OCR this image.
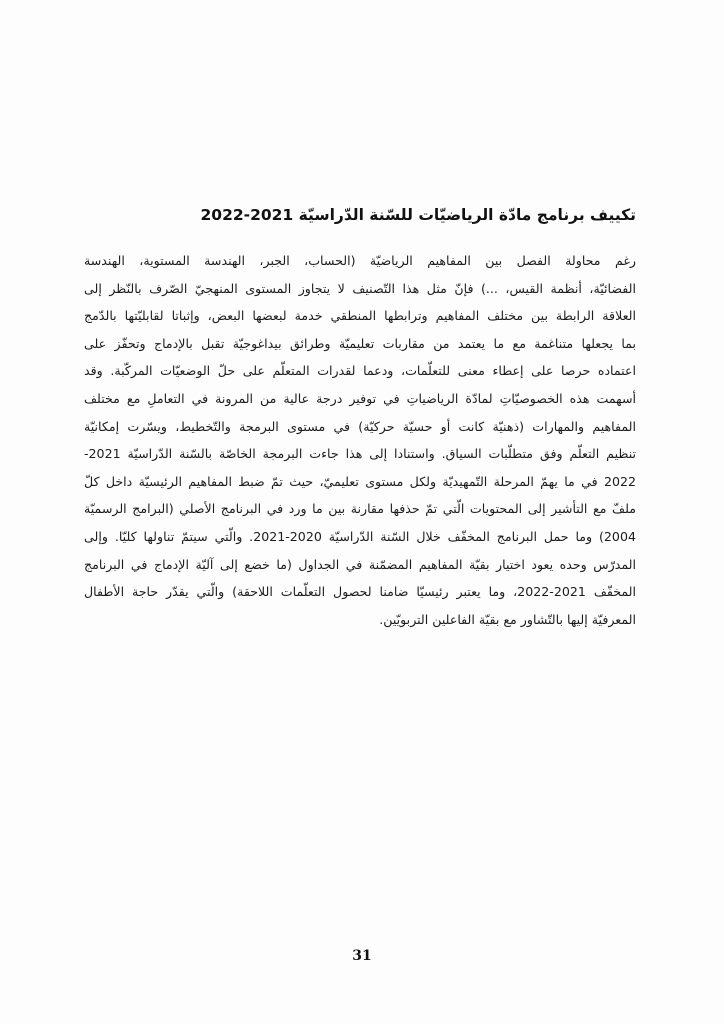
تكييف برنامج مادّة الرياضيّات للسّنة الدّراسيّة 2021-2022
رغم محاولة الفصل بين المفاهيم الرياضيّة (الحساب، الجبر، الهندسة المستوية، الهندسة
الفضائيّة، أنظمة القيس، ...) فإنّ مثل هذا التّصنيف لا يتجاوز المستوى المنهجيّ الصّرف بالنّظر إلى
العلاقة الرابطة بين مختلف المفاهيم وترابطها المنطقي خدمة لبعضها البعض، وإثباتا لقابليّتها بالدّمج
بما يجعلها متناغمة مع ما يعتمد من مقاربات تعليميّة وطرائق بيداغوجيّة تقبل بالإدماج وتحفّز على
اعتماده حرصا على إعطاء معنى للتعلّمات، ودعما لقدرات المتعلّم على حلّ الوضعيّات المركّبة. وقد
أسهمت هذه الخصوصيّاتِ لمادّة الرياضياتِ في توفير درجة عالية من المرونة في التعاملِ مع مختلف
المفاهيم والمهارات (ذهنيّة كانت أو حسيّة حركيّة) في مستوى البرمجة والتّخطيط، ويسّرت إمكانيّة
تنظيم التعلّم وفق متطلّبات السياق. واستنادا إلى هذا جاءت البرمجة الخاصّة بالسّنة الدّراسيّة 2021-
2022 في ما يهمّ المرحلة التّمهيديّة ولكل مستوى تعليميّ، حيث تمّ ضبط المفاهيم الرئيسيّة داخل كلّ
ملفّ مع التأشير إلى المحتويات الّتي تمّ حذفها مقارنة بين ما ورد في البرنامج الأصلي (البرامج الرسميّة
2004) وما حمل البرنامج المخفّف خلال السّنة الدّراسيّة 2020-2021. والّتي سيتمّ تناولها كليّا. وإلى
المدرّس وحده يعود اختيار بقيّة المفاهيم المضمّنة في الجداول (ما خضع إلى آليّة الإدماج في البرنامج
المخفّف 2021-2022، وما يعتبر رئيسيّا ضامنا لحصول التعلّمات اللاحقة) والّتي يقدّر حاجة الأطفال
المعرفيّة إليها بالتّشاور مع بقيّة الفاعلين التربويّين.
31
